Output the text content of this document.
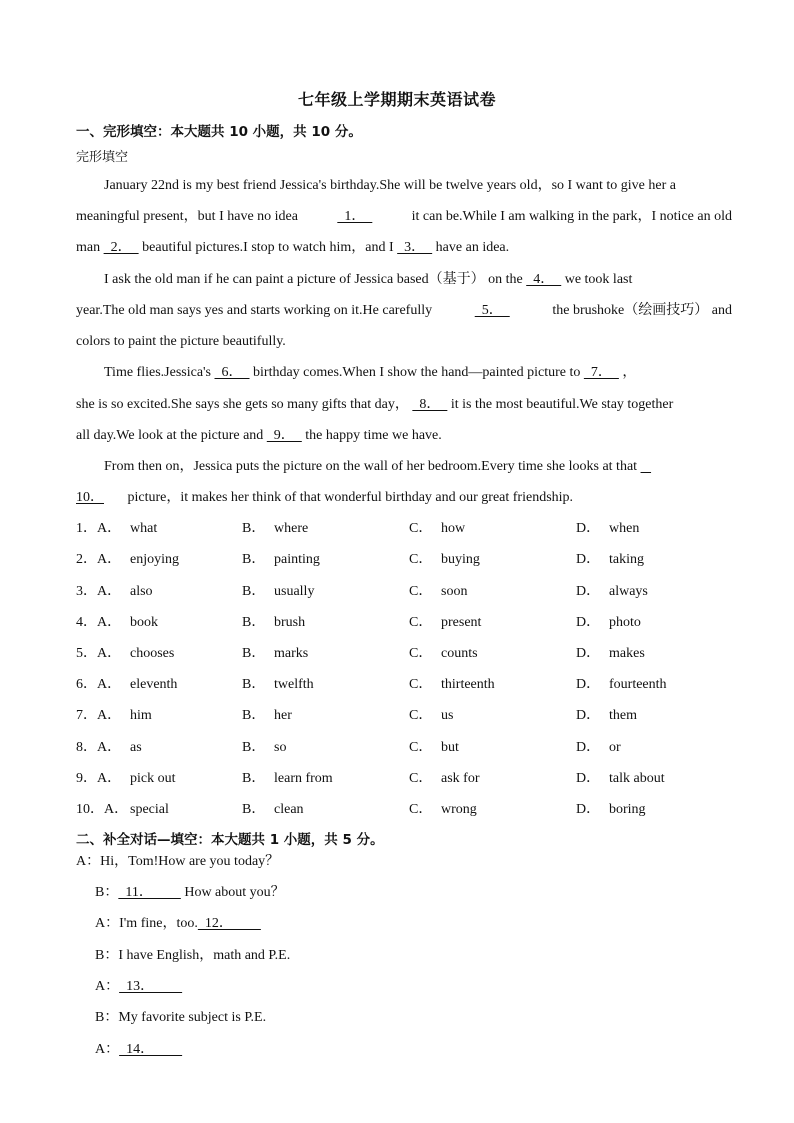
七年级上学期期末英语试卷
一、完形填空：本大题共 10 小题，共 10 分。
完形填空
January 22nd is my best friend Jessica's birthday.She will be twelve years old，so I want to give her a
meaningful present，but I have no idea	1．	it can be.While I am walking in the park，I notice an old
man   2．   beautiful pictures.I stop to watch him，and I   3．   have an idea.
I ask the old man if he can paint a picture of Jessica based（基于） on the   4．   we took last
year.The old man says yes and starts working on it.He carefully	5．	the brushoke（绘画技巧） and
colors to paint the picture beautifully.
Time flies.Jessica's   6．   birthday comes.When I show the hand—painted picture to   7．   ，
she is so excited.She says she gets so many gifts that day，   8．   it is the most beautiful.We stay together
all day.We look at the picture and   9．   the happy time we have.
From then on，Jessica puts the picture on the wall of her bedroom.Every time she looks at that
10． picture，it makes her think of that wonderful birthday and our great friendship.
1．A． what	B． where	C． how	D． when
2．A． enjoying	B． painting	C． buying	D． taking
3．A． also	B． usually	C． soon	D． always
4．A． book	B． brush	C． present	D． photo
5．A． chooses	B． marks	C． counts	D． makes
6．A． eleventh	B． twelfth	C． thirteenth	D． fourteenth
7．A． him	B． her	C． us	D． them
8．A． as	B． so	C． but	D． or
9．A． pick out	B． learn from	C． ask for	D． talk about
10．A． special	B． clean	C． wrong	D． boring
二、补全对话—填空：本大题共 1 小题，共 5 分。
A：Hi，Tom!How are you today？
B：  11．         How about you？
A：I'm fine，too.  12．
B：I have English，math and P.E.
A：  13．
B：My favorite subject is P.E.
A：  14．
